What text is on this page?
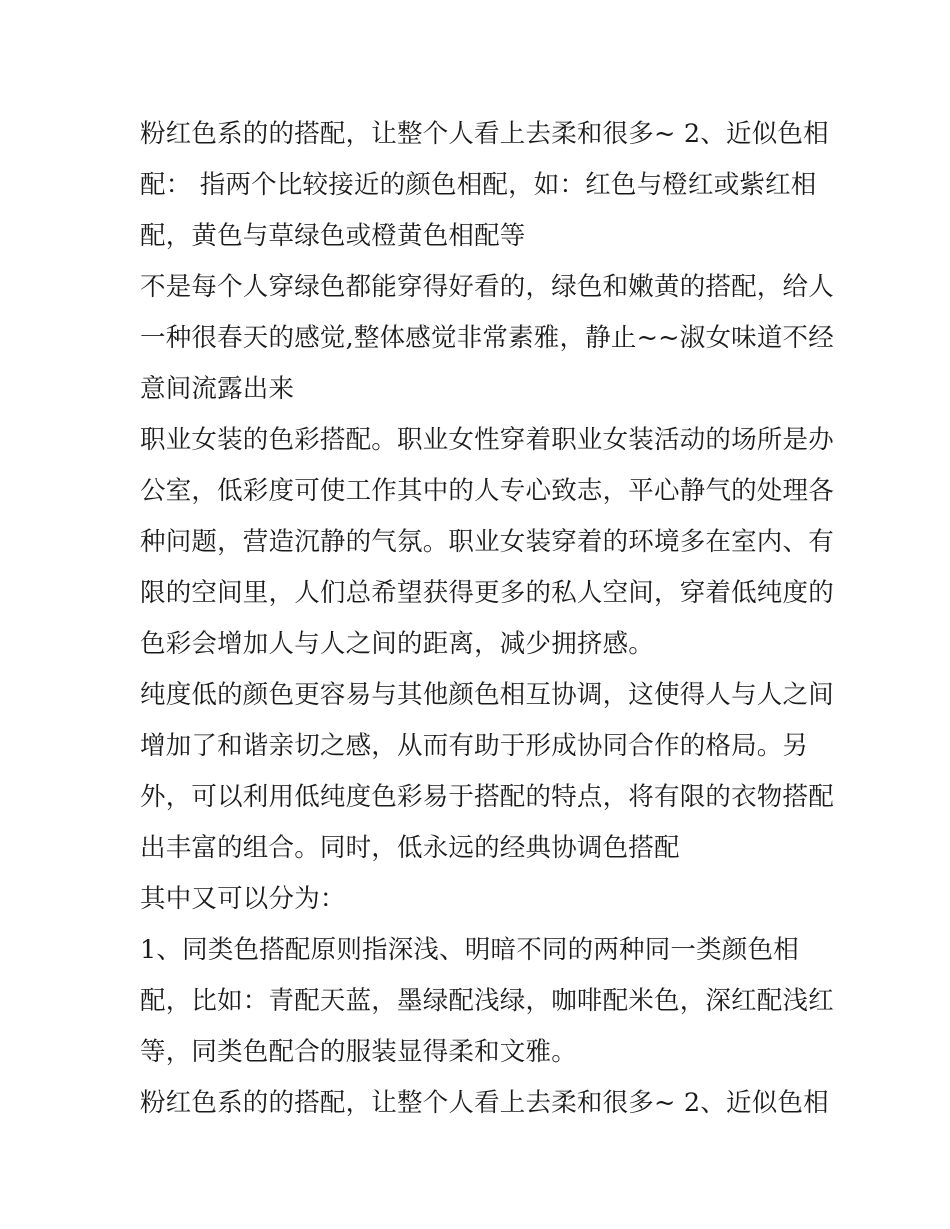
粉红色系的的搭配，让整个人看上去柔和很多~ 2、近似色相
配： 指两个比较接近的颜色相配，如：红色与橙红或紫红相
配，黄色与草绿色或橙黄色相配等
不是每个人穿绿色都能穿得好看的，绿色和嫩黄的搭配，给人
一种很春天的感觉,整体感觉非常素雅，静止~~淑女味道不经
意间流露出来
职业女装的色彩搭配。职业女性穿着职业女装活动的场所是办
公室，低彩度可使工作其中的人专心致志，平心静气的处理各
种问题，营造沉静的气氛。职业女装穿着的环境多在室内、有
限的空间里，人们总希望获得更多的私人空间，穿着低纯度的
色彩会增加人与人之间的距离，减少拥挤感。
纯度低的颜色更容易与其他颜色相互协调，这使得人与人之间
增加了和谐亲切之感，从而有助于形成协同合作的格局。另
外，可以利用低纯度色彩易于搭配的特点，将有限的衣物搭配
出丰富的组合。同时，低永远的经典协调色搭配
其中又可以分为：
1、同类色搭配原则指深浅、明暗不同的两种同一类颜色相
配，比如：青配天蓝，墨绿配浅绿，咖啡配米色，深红配浅红
等，同类色配合的服装显得柔和文雅。
粉红色系的的搭配，让整个人看上去柔和很多~ 2、近似色相
